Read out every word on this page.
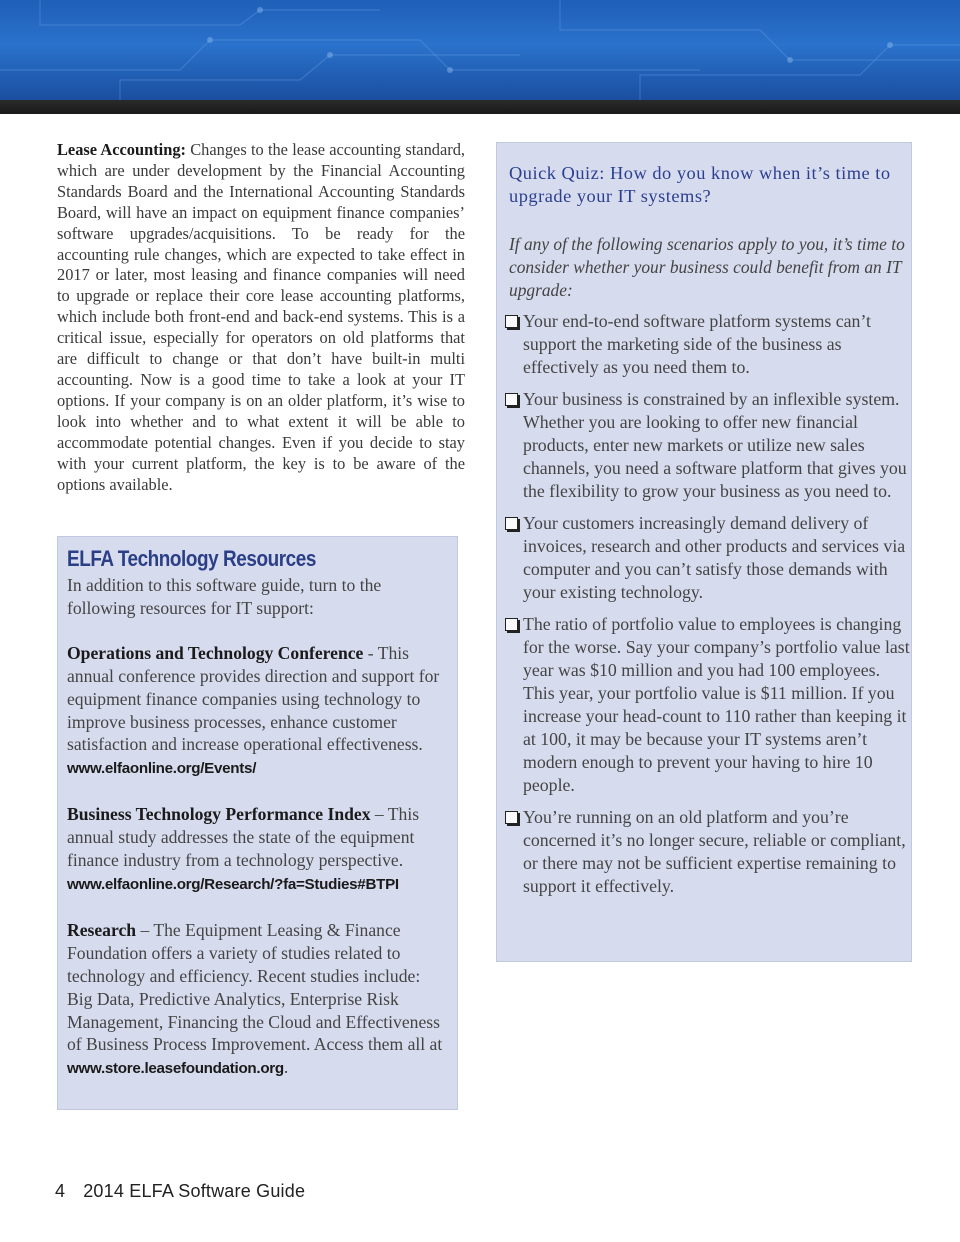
Lease Accounting: Changes to the lease accounting standard, which are under development by the Financial Accounting Standards Board and the International Accounting Standards Board, will have an impact on equipment finance companies’ software upgrades/acquisitions. To be ready for the accounting rule changes, which are expected to take effect in 2017 or later, most leasing and finance companies will need to upgrade or replace their core lease accounting platforms, which include both front-end and back-end systems. This is a critical issue, especially for operators on old platforms that are difficult to change or that don’t have built-in multi accounting. Now is a good time to take a look at your IT options. If your company is on an older platform, it’s wise to look into whether and to what extent it will be able to accommodate potential changes. Even if you decide to stay with your current platform, the key is to be aware of the options available.
ELFA Technology Resources
In addition to this software guide, turn to the following resources for IT support:
Operations and Technology Conference - This annual conference provides direction and support for equipment finance companies using technology to improve business processes, enhance customer satisfaction and increase operational effectiveness. www.elfaonline.org/Events/
Business Technology Performance Index – This annual study addresses the state of the equipment finance industry from a technology perspective. www.elfaonline.org/Research/?fa=Studies#BTPI
Research – The Equipment Leasing & Finance Foundation offers a variety of studies related to technology and efficiency. Recent studies include: Big Data, Predictive Analytics, Enterprise Risk Management, Financing the Cloud and Effectiveness of Business Process Improvement. Access them all at www.store.leasefoundation.org.
Quick Quiz: How do you know when it’s time to upgrade your IT systems?
If any of the following scenarios apply to you, it’s time to consider whether your business could benefit from an IT upgrade:
Your end-to-end software platform systems can’t support the marketing side of the business as effectively as you need them to.
Your business is constrained by an inflexible system. Whether you are looking to offer new financial products, enter new markets or utilize new sales channels, you need a software platform that gives you the flexibility to grow your business as you need to.
Your customers increasingly demand delivery of invoices, research and other products and services via computer and you can’t satisfy those demands with your existing technology.
The ratio of portfolio value to employees is changing for the worse. Say your company’s portfolio value last year was $10 million and you had 100 employees. This year, your portfolio value is $11 million. If you increase your head-count to 110 rather than keeping it at 100, it may be because your IT systems aren’t modern enough to prevent your having to hire 10 people.
You’re running on an old platform and you’re concerned it’s no longer secure, reliable or compliant, or there may not be sufficient expertise remaining to support it effectively.
4 2014 ELFA Software Guide
